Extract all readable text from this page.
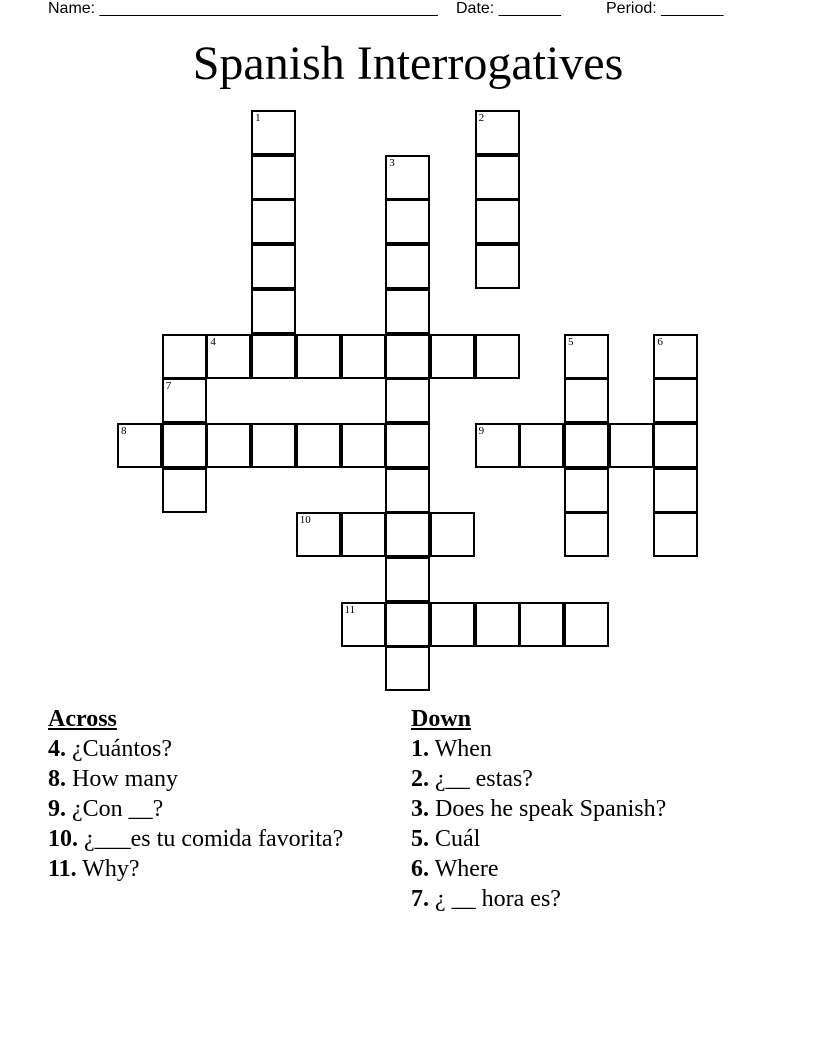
Name: ______________________________________ Date: _______	Period: _______
Spanish Interrogatives
1	2
3
4	5	6
7
8	9
10
11
Across
4. ¿Cuántos?
8. How many
9. ¿Con __?
10. ¿___es tu comida favorita?
11. Why?
Down
1. When
2. ¿__ estas?
3. Does he speak Spanish?
5. Cuál
6. Where
7. ¿ __ hora es?
